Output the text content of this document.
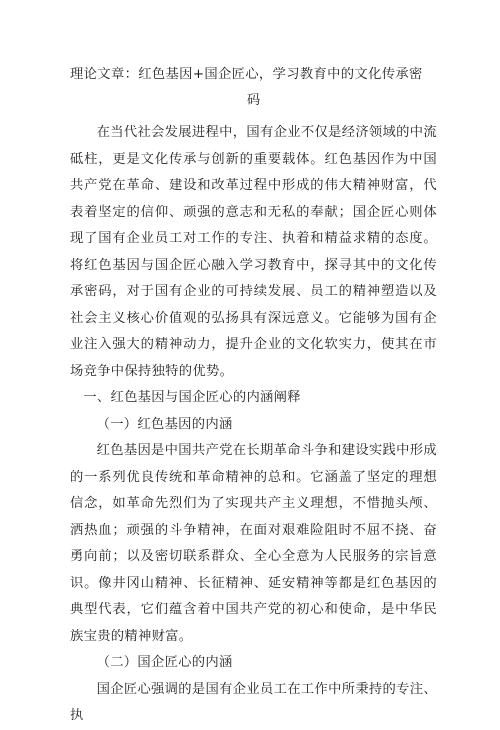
理论文章：红色基因+国企匠心，学习教育中的文化传承密
码

在当代社会发展进程中，国有企业不仅是经济领域的中流砥柱，更是文化传承与创新的重要载体。红色基因作为中国共产党在革命、建设和改革过程中形成的伟大精神财富，代表着坚定的信仰、顽强的意志和无私的奉献；国企匠心则体现了国有企业员工对工作的专注、执着和精益求精的态度。将红色基因与国企匠心融入学习教育中，探寻其中的文化传承密码，对于国有企业的可持续发展、员工的精神塑造以及社会主义核心价值观的弘扬具有深远意义。它能够为国有企业注入强大的精神动力，提升企业的文化软实力，使其在市场竞争中保持独特的优势。

一、红色基因与国企匠心的内涵阐释

（一）红色基因的内涵

红色基因是中国共产党在长期革命斗争和建设实践中形成的一系列优良传统和革命精神的总和。它涵盖了坚定的理想信念，如革命先烈们为了实现共产主义理想，不惜抛头颅、洒热血；顽强的斗争精神，在面对艰难险阻时不屈不挠、奋勇向前；以及密切联系群众、全心全意为人民服务的宗旨意识。像井冈山精神、长征精神、延安精神等都是红色基因的典型代表，它们蕴含着中国共产党的初心和使命，是中华民族宝贵的精神财富。

（二）国企匠心的内涵

国企匠心强调的是国有企业员工在工作中所秉持的专注、执
